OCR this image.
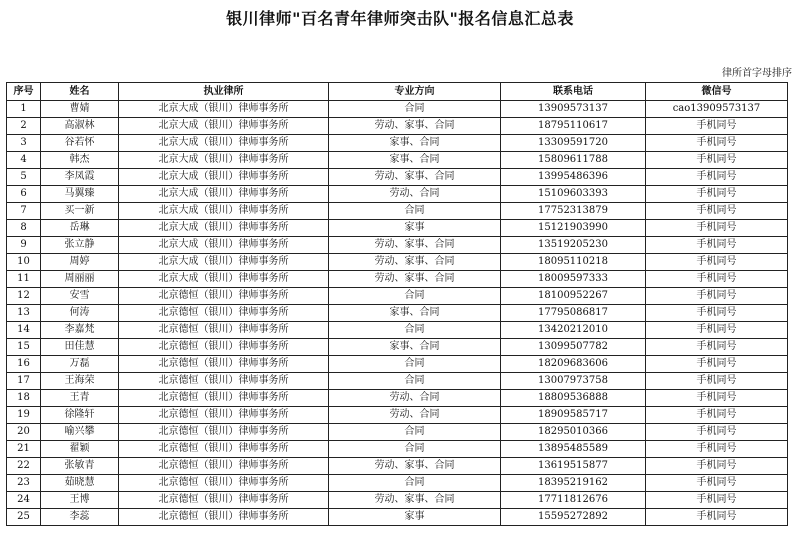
银川律师"百名青年律师突击队"报名信息汇总表
律所首字母排序
序号	姓名	执业律所	专业方向	联系电话	微信号
1	曹婧	北京大成（银川）律师事务所	合同	13909573137	cao13909573137
2	高淑林	北京大成（银川）律师事务所	劳动、家事、合同	18795110617	手机同号
3	谷若怀	北京大成（银川）律师事务所	家事、合同	13309591720	手机同号
4	韩杰	北京大成（银川）律师事务所	家事、合同	15809611788	手机同号
5	李凤霞	北京大成（银川）律师事务所	劳动、家事、合同	13995486396	手机同号
6	马翼臻	北京大成（银川）律师事务所	劳动、合同	15109603393	手机同号
7	买一新	北京大成（银川）律师事务所	合同	17752313879	手机同号
8	岳琳	北京大成（银川）律师事务所	家事	15121903990	手机同号
9	张立静	北京大成（银川）律师事务所	劳动、家事、合同	13519205230	手机同号
10	周婷	北京大成（银川）律师事务所	劳动、家事、合同	18095110218	手机同号
11	周丽丽	北京大成（银川）律师事务所	劳动、家事、合同	18009597333	手机同号
12	安雪	北京德恒（银川）律师事务所	合同	18100952267	手机同号
13	何涛	北京德恒（银川）律师事务所	家事、合同	17795086817	手机同号
14	李嘉梵	北京德恒（银川）律师事务所	合同	13420212010	手机同号
15	田佳慧	北京德恒（银川）律师事务所	家事、合同	13099507782	手机同号
16	万磊	北京德恒（银川）律师事务所	合同	18209683606	手机同号
17	王海荣	北京德恒（银川）律师事务所	合同	13007973758	手机同号
18	王青	北京德恒（银川）律师事务所	劳动、合同	18809536888	手机同号
19	徐隆轩	北京德恒（银川）律师事务所	劳动、合同	18909585717	手机同号
20	喻兴攀	北京德恒（银川）律师事务所	合同	18295010366	手机同号
21	翟颖	北京德恒（银川）律师事务所	合同	13895485589	手机同号
22	张敏青	北京德恒（银川）律师事务所	劳动、家事、合同	13619515877	手机同号
23	茹晓慧	北京德恒（银川）律师事务所	合同	18395219162	手机同号
24	王博	北京德恒（银川）律师事务所	劳动、家事、合同	17711812676	手机同号
25	李蕊	北京德恒（银川）律师事务所	家事	15595272892	手机同号
